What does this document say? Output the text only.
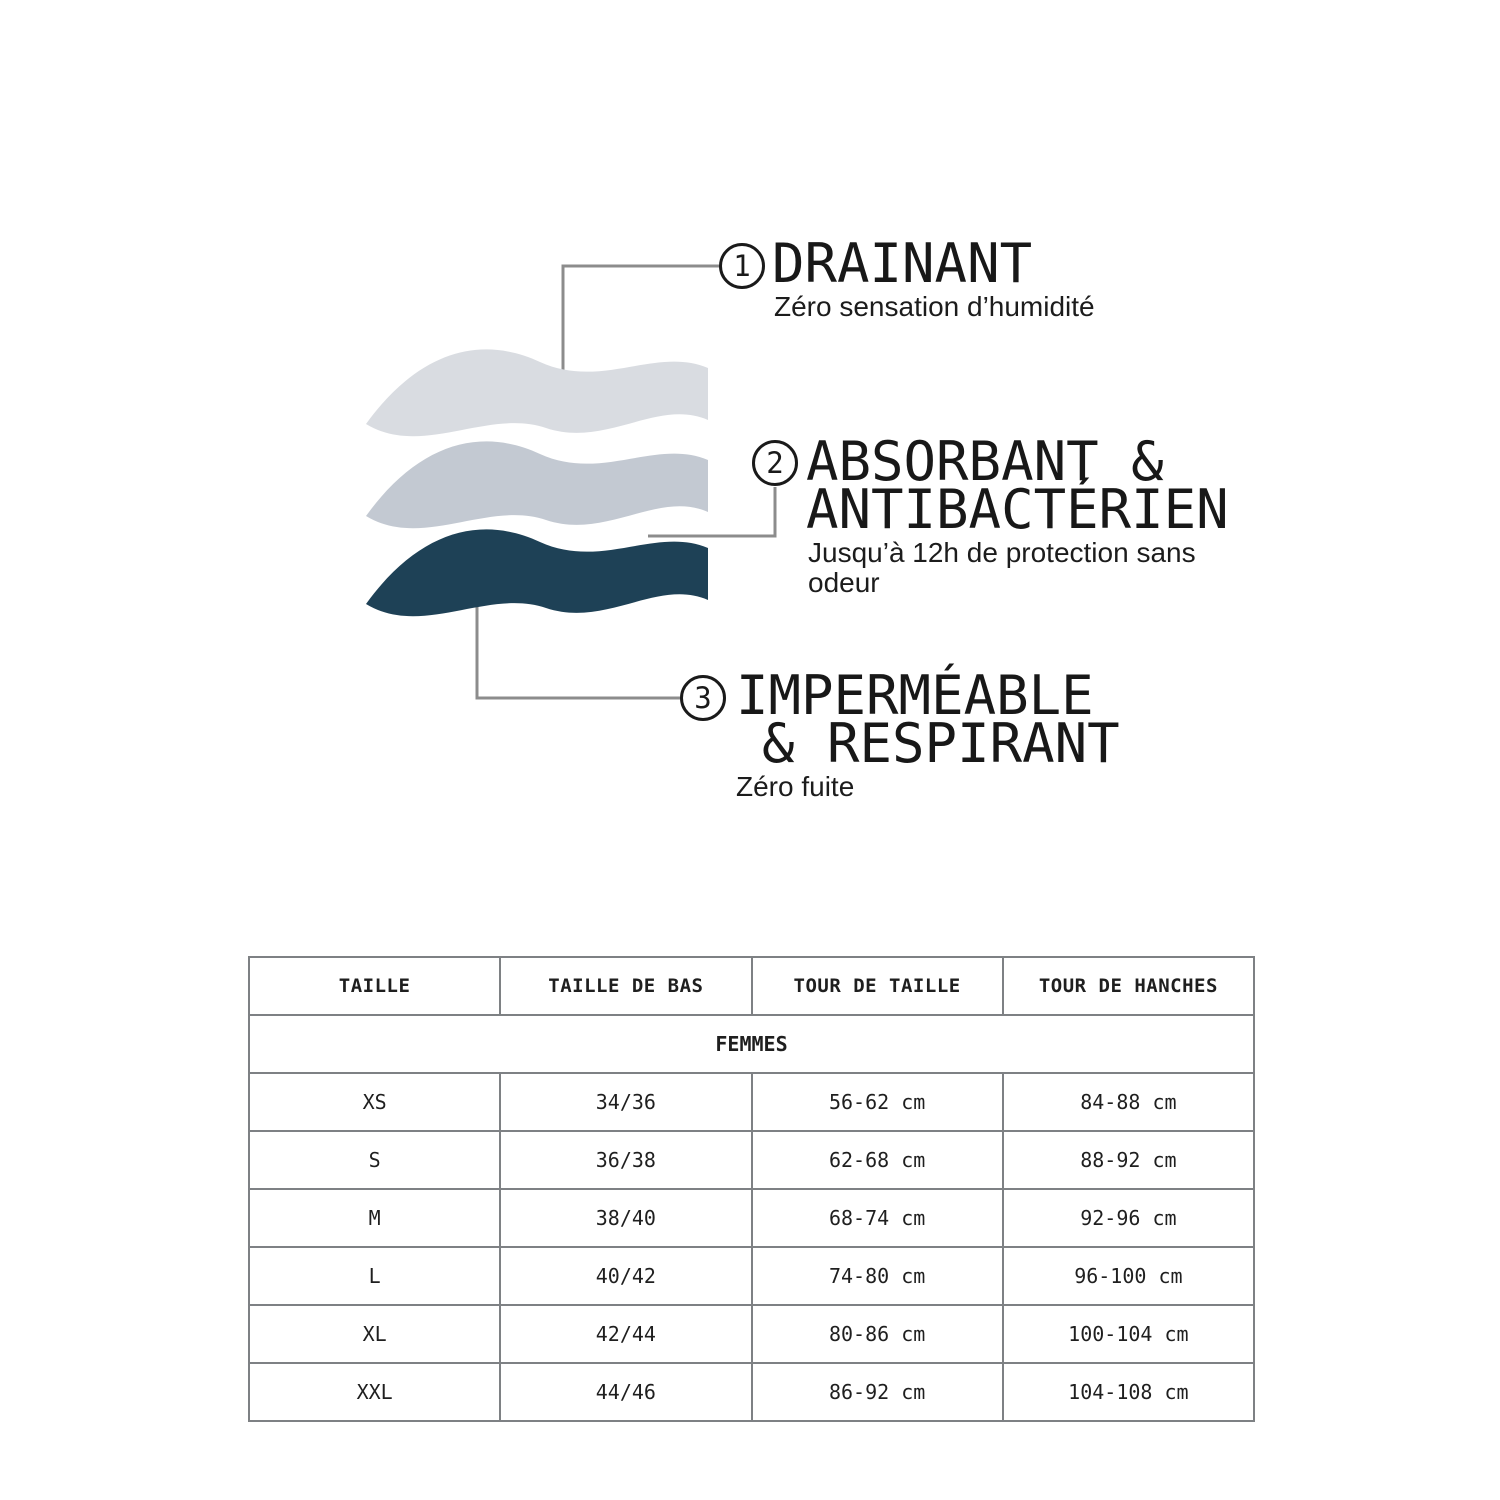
1 DRAINANT
Zéro sensation d’humidité
2 ABSORBANT &
ANTIBACTÉRIEN
Jusqu’à 12h de protection sans
odeur
3 IMPERMÉABLE
& RESPIRANT
Zéro fuite
TAILLE	TAILLE DE BAS	TOUR DE TAILLE	TOUR DE HANCHES
FEMMES			
XS	34/36	56-62 cm	84-88 cm
S	36/38	62-68 cm	88-92 cm
M	38/40	68-74 cm	92-96 cm
L	40/42	74-80 cm	96-100 cm
XL	42/44	80-86 cm	100-104 cm
XXL	44/46	86-92 cm	104-108 cm
